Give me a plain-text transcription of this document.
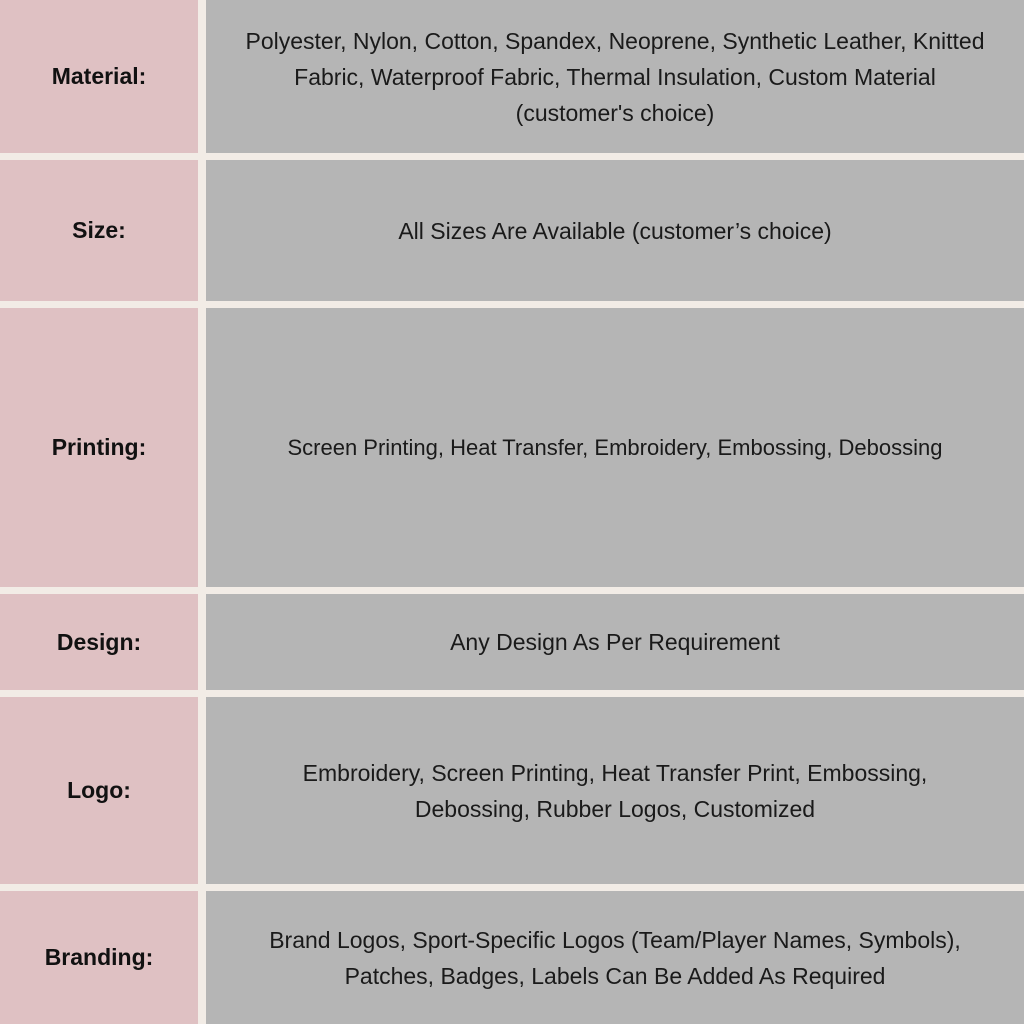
Material:
Polyester, Nylon, Cotton, Spandex, Neoprene, Synthetic Leather, Knitted Fabric, Waterproof Fabric, Thermal Insulation, Custom Material (customer's choice)
Size:	All Sizes Are Available (customer’s choice)
Printing:	Screen Printing, Heat Transfer, Embroidery, Embossing, Debossing
Design:	Any Design As Per Requirement
Logo:
Embroidery, Screen Printing, Heat Transfer Print, Embossing, Debossing, Rubber Logos, Customized
Branding:
Brand Logos, Sport-Specific Logos (Team/Player Names, Symbols), Patches, Badges, Labels Can Be Added As Required
